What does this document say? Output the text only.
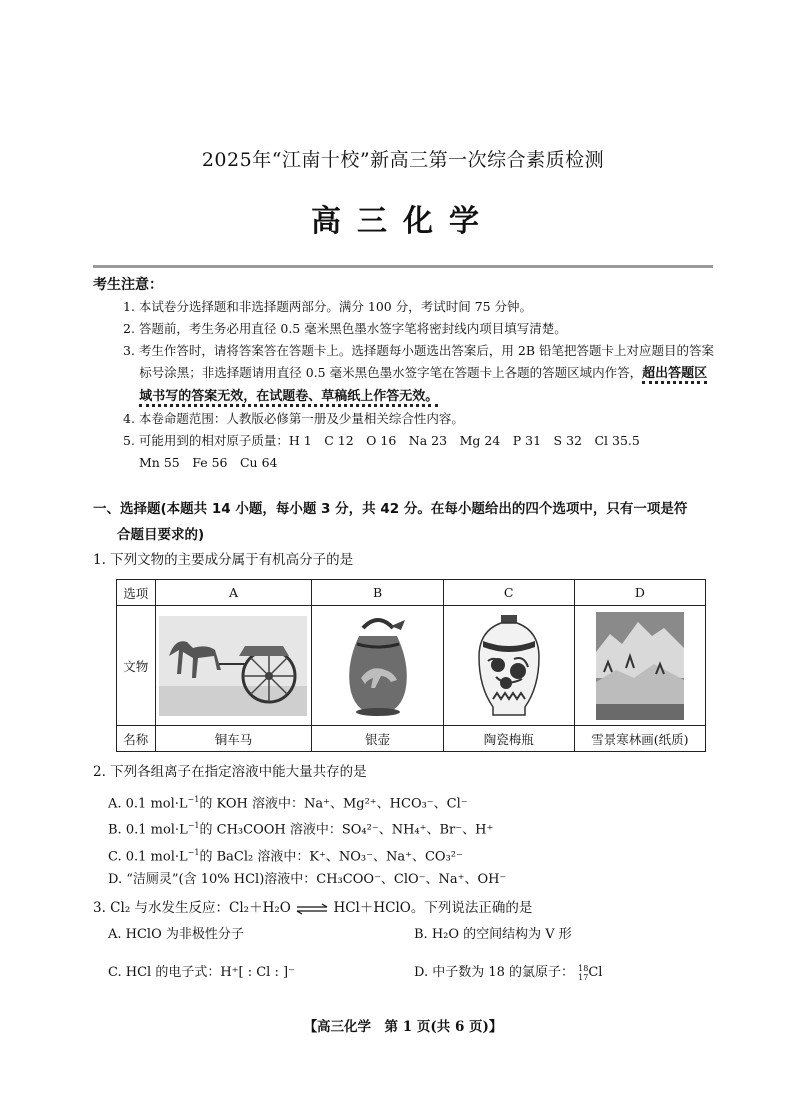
2025年“江南十校”新高三第一次综合素质检测
高三化学
考生注意：
1. 本试卷分选择题和非选择题两部分。满分 100 分，考试时间 75 分钟。
2. 答题前，考生务必用直径 0.5 毫米黑色墨水签字笔将密封线内项目填写清楚。
3. 考生作答时，请将答案答在答题卡上。选择题每小题选出答案后，用 2B 铅笔把答题卡上对应题目的答案标号涂黑；非选择题请用直径 0.5 毫米黑色墨水签字笔在答题卡上各题的答题区域内作答，超出答题区域书写的答案无效，在试题卷、草稿纸上作答无效。
4. 本卷命题范围：人教版必修第一册及少量相关综合性内容。
5. 可能用到的相对原子质量：H 1　C 12　O 16　Na 23　Mg 24　P 31　S 32　Cl 35.5
Mn 55　Fe 56　Cu 64
一、选择题(本题共 14 小题，每小题 3 分，共 42 分。在每小题给出的四个选项中，只有一项是符
合题目要求的)
1. 下列文物的主要成分属于有机高分子的是
选项	A	B	C	D
文物	

名称	铜车马	银壶	陶瓷梅瓶	雪景寒林画(纸质)
2. 下列各组离子在指定溶液中能大量共存的是
A. 0.1 $mol\cdot L^{-1}$的 KOH 溶液中：Na⁺、Mg²⁺、HCO₃⁻、Cl⁻
B. 0.1 $mol\cdot L^{-1}$的 CH₃COOH 溶液中：SO₄²⁻、NH₄⁺、Br⁻、H⁺
C. 0.1 $mol\cdot L^{-1}$的 BaCl₂ 溶液中：K⁺、NO₃⁻、Na⁺、CO₃²⁻
D. “洁厕灵”(含 10% HCl)溶液中：CH₃COO⁻、ClO⁻、Na⁺、OH⁻
3. Cl₂ 与水发生反应：Cl₂＋H₂O ⇌ HCl＋HClO。下列说法正确的是
A. HClO 为非极性分子	B. H₂O 的空间结构为 V 形
C. HCl 的电子式：H⁺[ : Cl : ]⁻	D. 中子数为 18 的氯原子： 18
17 Cl
【高三化学　第 1 页(共 6 页)】
